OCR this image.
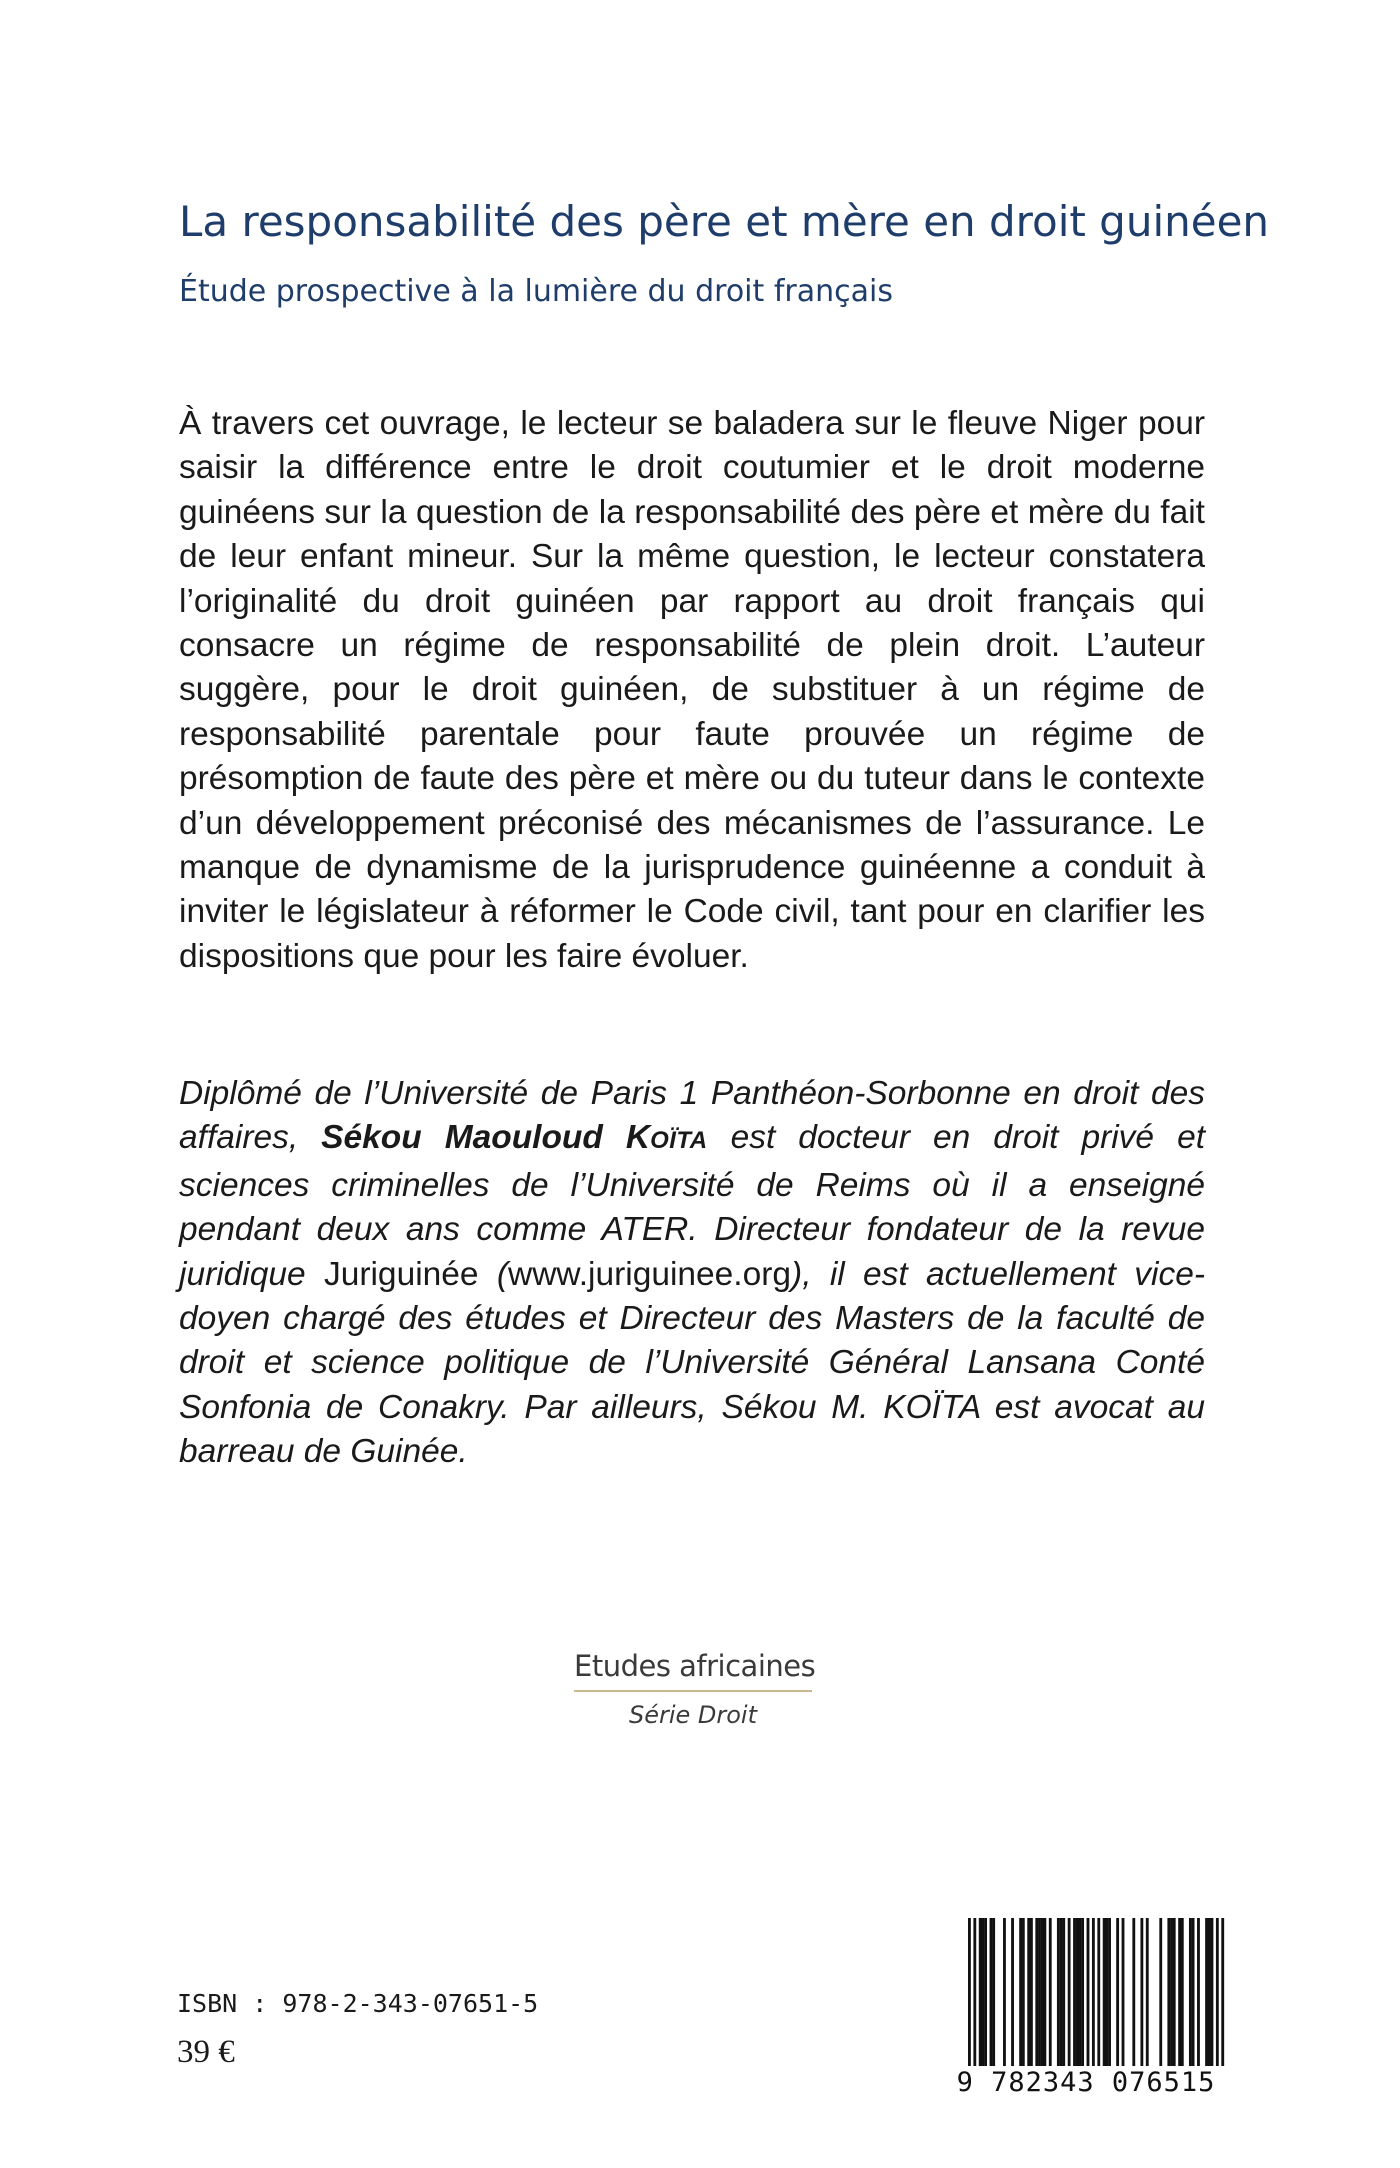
La responsabilité des père et mère en droit guinéen
Étude prospective à la lumière du droit français

À travers cet ouvrage, le lecteur se baladera sur le fleuve Niger pour saisir la différence entre le droit coutumier et le droit moderne guinéens sur la question de la responsabilité des père et mère du fait de leur enfant mineur. Sur la même question, le lecteur constatera l’originalité du droit guinéen par rapport au droit français qui consacre un régime de responsabilité de plein droit. L’auteur suggère, pour le droit guinéen, de substituer à un régime de responsabilité parentale pour faute prouvée un régime de présomption de faute des père et mère ou du tuteur dans le contexte d’un développement préconisé des mécanismes de l’assurance. Le manque de dynamisme de la jurisprudence guinéenne a conduit à inviter le législateur à réformer le Code civil, tant pour en clarifier les dispositions que pour les faire évoluer.

Diplômé de l’Université de Paris 1 Panthéon-Sorbonne en droit des affaires, Sékou Maouloud KOÏTA est docteur en droit privé et sciences criminelles de l’Université de Reims où il a enseigné pendant deux ans comme ATER. Directeur fondateur de la revue juridique Juriguinée (www.juriguinee.org), il est actuellement vice-doyen chargé des études et Directeur des Masters de la faculté de droit et science politique de l’Université Général Lansana Conté Sonfonia de Conakry. Par ailleurs, Sékou M. KOÏTA est avocat au barreau de Guinée.

Etudes africaines
Série Droit
ISBN : 978-2-343-07651-5
39 €
9 782343 076515
